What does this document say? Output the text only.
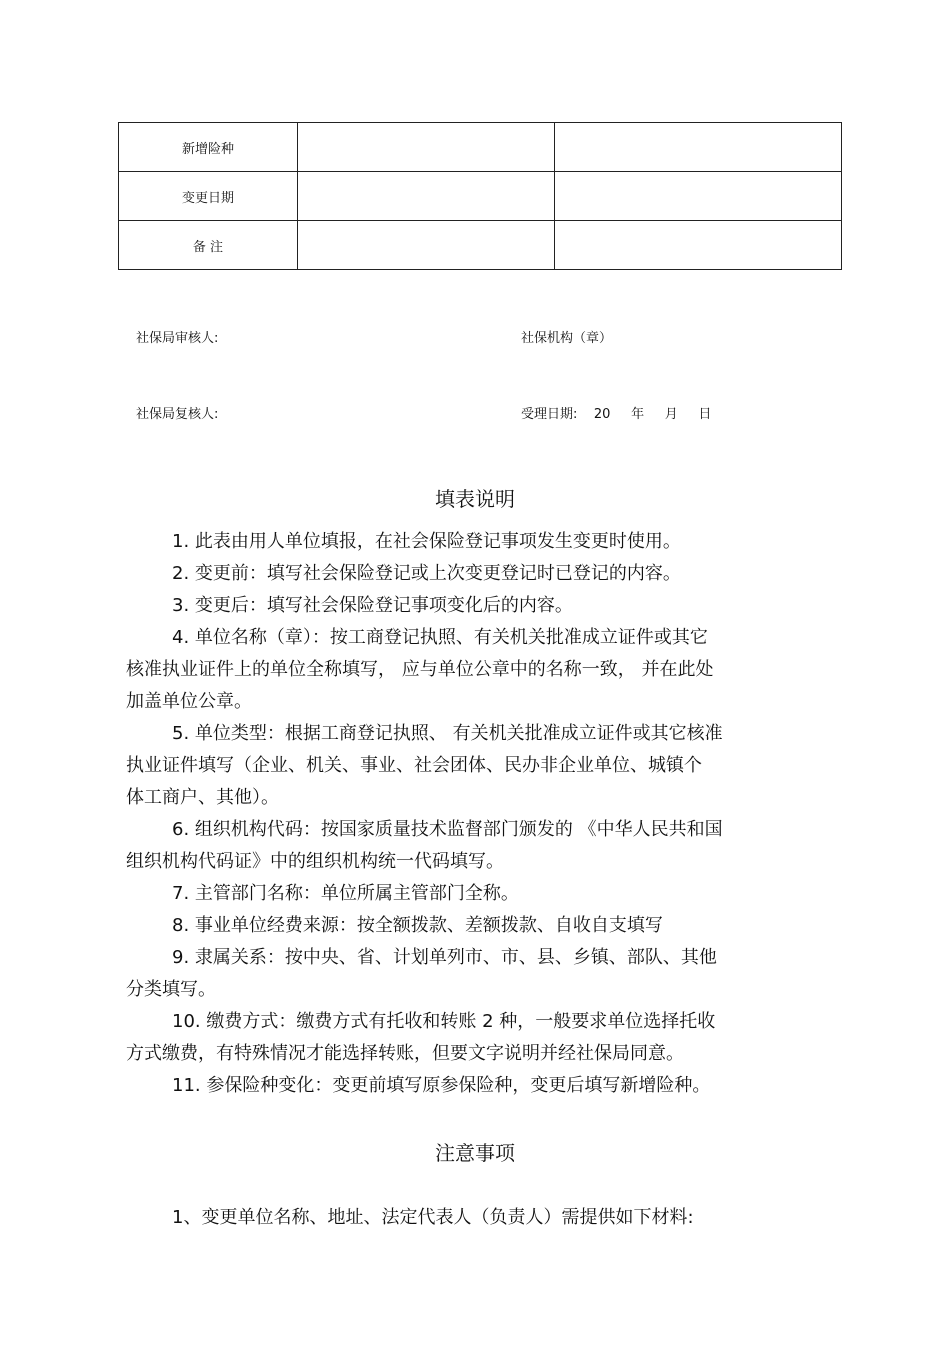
新增险种		
变更日期		
备 注		
社保局审核人:	社保机构（章）
社保局复核人:	受理日期:    20     年     月     日
填表说明
1. 此表由用人单位填报，在社会保险登记事项发生变更时使用。
2. 变更前：填写社会保险登记或上次变更登记时已登记的内容。
3. 变更后：填写社会保险登记事项变化后的内容。
4. 单位名称（章）：按工商登记执照、有关机关批准成立证件或其它
核准执业证件上的单位全称填写， 应与单位公章中的名称一致， 并在此处
加盖单位公章。
5. 单位类型：根据工商登记执照、 有关机关批准成立证件或其它核准
执业证件填写（企业、机关、事业、社会团体、民办非企业单位、城镇个
体工商户、其他）。
6. 组织机构代码：按国家质量技术监督部门颁发的 《中华人民共和国
组织机构代码证》中的组织机构统一代码填写。
7. 主管部门名称：单位所属主管部门全称。
8. 事业单位经费来源：按全额拨款、差额拨款、自收自支填写
9. 隶属关系：按中央、省、计划单列市、市、县、乡镇、部队、其他
分类填写。
10. 缴费方式：缴费方式有托收和转账 2 种，一般要求单位选择托收
方式缴费，有特殊情况才能选择转账，但要文字说明并经社保局同意。
11. 参保险种变化：变更前填写原参保险种，变更后填写新增险种。
注意事项
1、变更单位名称、地址、法定代表人（负责人）需提供如下材料:
